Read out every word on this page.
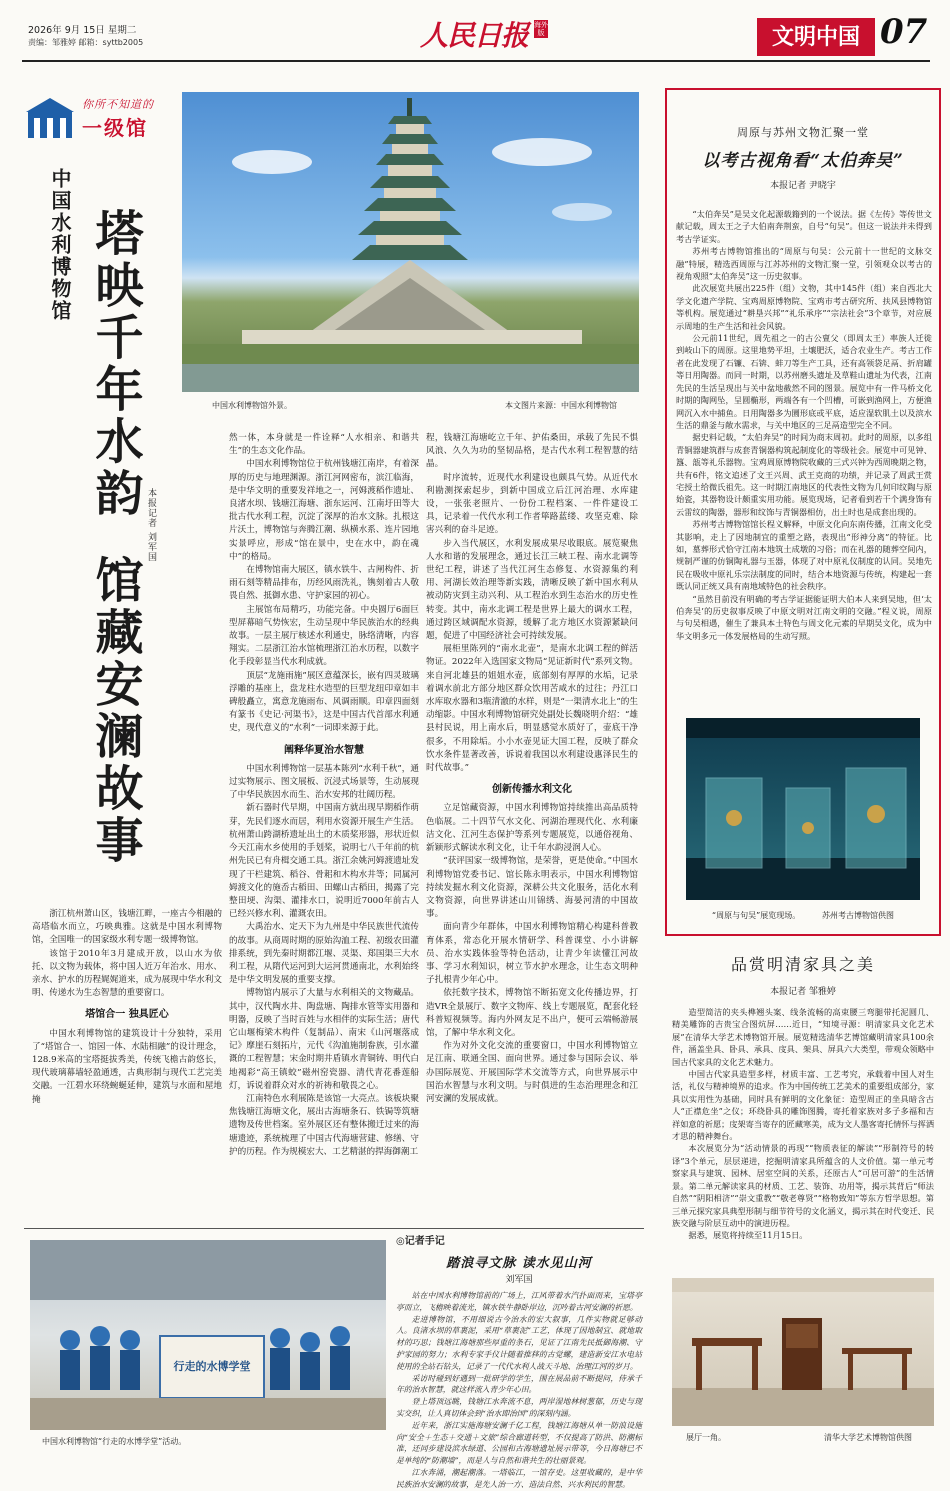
2026年 9月 15日 星期二
责编：邹雅婷 邮箱：syttb2005	人民日报 海外版	文明中国 07
你所不知道的
一级馆
中国水利博物馆 塔映千年水韵
馆藏安澜故事
本报记者 刘军国
中国水利博物馆外景。	本文图片来源：中国水利博物馆

浙江杭州萧山区，钱塘江畔，一座古今相融的高塔临水而立，巧映典雅。这就是中国水利博物馆，全国唯一的国家级水利专题一级博物馆。

该馆于2010年3月建成开放，以山水为依托、以文物为载体，将中国人近万年治水、用水、亲水、护水的历程娓娓道来，成为展现中华水利文明、传递水为生态智慧的重要窗口。

塔馆合一 独具匠心

中国水利博物馆的建筑设计十分独特，采用了“塔馆合一、馆园一体、水陆相融”的设计理念，128.9米高的宝塔挺拔秀美，传统飞檐古韵悠长，现代玻璃幕墙轻盈通透，古典形制与现代工艺完美交融。一江碧水环绕蜿蜒延伸，建筑与水面和屋地掩

然一体，本身就是一件诠释“人水相亲、和谐共生”的生态文化作品。

中国水利博物馆位于杭州钱塘江南岸，有着深厚的历史与地理渊源。浙江河网密布，滨江临海，是中华文明的重要发祥地之一，河姆渡稻作遗址、良渚水坝、钱塘江海塘、浙东运河、江南圩田等大批古代水利工程，沉淀了深厚的治水文脉。扎根这片沃土，博物馆与奔腾江潮、纵横水系、连片园地实景呼应，形成“馆在景中，史在水中，韵在魂中”的格局。

在博物馆南大展区，镇水铁牛、古闸构件、折雨石刻等精品排布，历经风雨洗礼，镌刻着古人敬畏自然、抵御水患、守护家园的初心。

主展馆布局精巧，功能完备。中央圆厅6面巨型屏幕暗气势恢宏，生动呈现中华民族治水的经典故事。一层主展厅核述水利通史，脉络清晰，内容翔实。二层浙江治水馆梳理浙江治水历程，以数字化手段彰显当代水利成就。

顶层“龙施雨施”展区意蕴深长，嵌有四灵玻璃浮雕的基座上，盘龙柱水造型的巨型龙纽印章如丰碑般矗立，寓意龙施雨布、风调雨顺。印章四面刻有篆书《史记·河渠书》，这是中国古代首部水利通史，现代意义的“水利”一词即来源于此。

阐释华夏治水智慧

中国水利博物馆一层基本陈列“水利千秋”，通过实物展示、图文展板、沉浸式场景等，生动展现了中华民族因水而生、治水安邦的壮阔历程。

新石器时代早期，中国南方就出现早期稻作萌芽，先民们逐水而居，利用水资源开展生产生活。杭州萧山跨湖桥遗址出土的木质桨形器，形状近似今天江南水乡使用的手划桨，说明七八千年前的杭州先民已有舟楫交通工具。浙江余姚河姆渡遗址发现了干栏建筑、稻谷、骨耜和木构水井等；同属河姆渡文化的施岙古稻田、田螺山古稻田，揭露了完整田埂、沟渠、灌排水口，说明近7000年前古人已经兴修水利、灌溉农田。

大禹治水、定天下为九州是中华民族世代流传的故事。从商周时期的原始沟洫工程、初级农田灌排系统，到先秦时期都江堰、灵渠、郑国渠三大水利工程，从隋代运河到大运河贯通南北，水利始终是中华文明发展的重要支撑。

博物馆内展示了大量与水利相关的文物藏品。其中，汉代陶水井、陶盘塘、陶排水管等实用器和明器，反映了当时百姓与水相伴的实际生活；唐代它山堰梅梁木构件（复制品）、南宋《山河堰落成记》摩崖石刻拓片，元代《沟洫施制畚族，引水灌溉的工程智慧；宋金时期井盾镇水青铜铸、明代白地褐彩“高王镇蛟”磁州窑瓷器、清代青花番莲船灯，诉说着群众对水的祈祷和敬畏之心。

江南特色水利展陈是该馆一大亮点。该板块聚焦钱塘江海塘文化，展出古海塘条石、铁锔等筑塘遗物及传世档案。室外展区还有整体搬迁过来的海塘遗迹，系统梳理了中国古代海塘营建、修缮、守护的历程。作为规模宏大、工艺精湛的捍海御潮工

程，钱塘江海塘屹立千年、护佑桑田，承载了先民不惧风浪、久久为功的坚韧品格，是古代水利工程智慧的结晶。

时序流转，近现代水利建设也颇具气势。从近代水利勘测探索起步，到新中国成立后江河治理、水库建设，一张张老照片、一份份工程档案、一件件建设工具，记录着一代代水利工作者筚路蓝缕、攻坚克难、除害兴利的奋斗足迹。

步入当代展区，水利发展成果尽收眼底。展览聚焦人水和谐的发展理念，通过长江三峡工程、南水北调等世纪工程，讲述了当代江河生态修复、水资源集约利用、河湖长效治理等新实践，清晰反映了新中国水利从被动防灾到主动兴利、从工程治水到生态治水的历史性转变。其中，南水北调工程是世界上最大的调水工程，通过跨区域调配水资源，缓解了北方地区水资源紧缺问题，促进了中国经济社会可持续发展。

展柜里陈列的“南水北壶”，是南水北调工程的鲜活物证。2022年入选国家文物局“见证新时代”系列文物。来自河北雄县的姐姐水壶，底部刻有厚厚的水垢，记录着调水前北方部分地区群众饮用苦咸水的过往；丹江口水库取水器和3瓶清澈的水样，则是“一渠清水北上”的生动缩影。中国水利博物馆研究处副处长魏晓明介绍：“雄县村民说，用上南水后，明显感觉水质好了，壶底干净很多，不用除垢。小小水壶见证大国工程，反映了群众饮水条件显著改善，诉说着我国以水利建设惠泽民生的时代故事。”

创新传播水利文化

立足馆藏资源，中国水利博物馆持续推出高品质特色临展。二十四节气水文化、河湖治理现代化、水利廉洁文化、江河生态保护等系列专题展览，以通俗视角、新颖形式解读水利文化，让千年水韵浸润人心。

“获评国家一级博物馆，是荣誉，更是使命。”中国水利博物馆党委书记、馆长陈永明表示，中国水利博物馆持续发掘水利文化资源，深耕公共文化服务，活化水利文物资源，向世界讲述山川锦绣、海晏河清的中国故事。

面向青少年群体，中国水利博物馆精心构建科普教育体系，常态化开展水情研学、科普课堂、小小讲解员、治水实践体验等特色活动，让青少年读懂江河故事、学习水利知识，树立节水护水理念，让生态文明种子扎根青少年心中。

依托数字技术，博物馆不断拓宽文化传播边界，打造VR全景展厅、数字文物库、线上专题展览，配套化轻科普短视频等。海内外网友足不出户，便可云端畅游展馆，了解中华水利文化。

作为对外文化交流的重要窗口，中国水利博物馆立足江南、联通全国、面向世界。通过参与国际会议、举办国际展览、开展国际学术交流等方式，向世界展示中国治水智慧与水利文明。与时俱进的生态治理理念和江河安澜的发展成就。

周原与苏州文物汇聚一堂
以考古视角看“太伯奔吴”
本报记者 尹晓宇

“太伯奔吴”是吴文化起源载籍到的一个说法。据《左传》等传世文献记载，周太王之子大伯南奔荆蛮，自号“句吴”。但这一说法并未得到考古学证实。

苏州考古博物馆推出的“周原与句吴：公元前十一世纪的文脉交融”特展，精选西周原与江苏苏州的文物汇聚一堂，引领观众以考古的视角观照“太伯奔吴”这一历史叙事。

此次展览共展出225件（组）文物，其中145件（组）来自西北大学文化遗产学院、宝鸡周原博物院、宝鸡市考古研究所、扶风县博物馆等机构。展览通过“耕垦兴邦”“礼乐承序”“宗法社会”3个章节，对应展示周地的生产生活和社会风貌。

公元前11世纪，周先祖之一的古公亶父（即周太王）率族人迁徙到岐山下的周原。这里地势平坦，土壤肥沃，适合农业生产。考古工作者在此发现了石镰、石锛、蚌刀等生产工具，还有高领袋足鬲、折肩罐等日用陶器。而同一时期，以苏州磨头遗址及草鞋山遗址为代表，江南先民的生活呈现出与关中盆地截然不同的图景。展览中有一件马桥文化时期的陶网坠，呈圆椭形，两端各有一个凹槽，可嵌到渔网上，方便渔网沉入水中捕鱼。日用陶器多为圜形底或平底，适应湿软肌土以及滨水生活的鼎釜与敞水需求，与关中地区的三足鬲造型完全不同。

据史料记载，“太伯奔吴”的时间为商末周初。此时的周原，以多组青铜器建筑群与成套青铜器构筑起制度化的等级社会。展览中可见钟、簋、瓿等礼乐器物。宝鸡周原博物院收藏的三式兴钟为西周晚期之物，共有6件，铭文追述了文王兴周、武王克商的功绩，并记录了周武王赏宅授土给微氏祖先。这一时期江南地区的代表性文物为几何印纹陶与原始瓷，其器物设计颇重实用功能。展览现场，记者看到若干个满身饰有云雷纹的陶器，器形和纹饰与青铜器相仿，出土时也是成套出现的。

苏州考古博物馆馆长程义解释，中原文化向东南传播，江南文化受其影响，走上了因地制宜的重塑之路，表现出“形神分离”的特征。比如，墓葬形式恰守江南本地筑土成墩的习俗；而在礼器的随葬空间内，规制严谨的仿铜陶礼器与玉器，体现了对中原礼仪制度的认同。吴地先民在吸收中原礼乐宗法制度的同时，结合本地资源与传统，构建起一套既认同正统又具有南地域特色的社会秩序。

“虽然目前没有明确的考古学证据能证明大伯本人来到吴地，但‘太伯奔吴’的历史叙事反映了中原文明对江南文明的交融。”程义说，周原与句吴相遇，催生了兼具本土特色与周文化元素的早期吴文化，成为中华文明多元一体发展格局的生动写照。

“周原与句吴”展览现场。	苏州考古博物馆供图
品赏明清家具之美
本报记者 邹雅婷

造型简洁的夹头榫翘头案、线条流畅的高束腰三弯腿带托泥圆几、精美雕饰的吉贵宝合图炕屏……近日，“知境寻源：明清家具文化艺术展”在清华大学艺术博物馆开展。展览精选清华艺博馆藏明清家具100余件，涵盖坐具、卧具、承具、庋具、架具、屏具六大类型，带观众领略中国古代家具的文化艺术魅力。

中国古代家具造型多样，材质丰富、工艺考究，承载着中国人对生活，礼仪与精神境界的追求。作为中国传统工艺美术的重要组成部分，家具以实用性为基础，同时具有鲜明的文化象征：造型周正的坐具暗含古人“正襟危坐”之仪；环绕卧具的雕饰图腾，寄托着家族对多子多福和吉祥如意的祈愿；庋架寄当寄存的匠藏寒美，成为文人墨客寄托情怀与挥洒才思的精神舞台。

本次展览分为“活动情景的再现”“物质表征的解读”“形制符号的转译”3个单元，层层递进，挖掘明清家具所蕴含的人文价值。第一单元考察家具与建筑、园林、居室空间的关系，还原古人“可居可游”的生活情景。第二单元解读家具的材质、工艺、装饰、功用等，揭示其背后“师法自然”“阴阳相济”“崇文重教”“敬老尊贤”“格物致知”等东方哲学思想。第三单元探究家具典型形制与细节符号的文化涵义，揭示其在时代变迁、民族交融与阶层互动中的演进历程。

据悉，展览将持续至11月15日。

展厅一角。	清华大学艺术博物馆供图
◎记者手记
踏浪寻文脉 读水见山河
刘军国

站在中国水利博物馆前的广场上，江风带着水汽扑面而来，宝塔亭亭而立，飞檐映着流光，镇水铁牛静卧岸边，沉吟着古河安澜的祈愿。

走进博物馆，不用细说古今治水的宏大叙事，几件实物就足够动人。良渚水坝的草裹泥，采用“草裹泥”工艺，体现了因地制宜、就地取材的巧思；钱塘江海塘那些厚重的条石，见证了江南先民抵御海潮、守护家园的努力；水利专家手仪计随着推移的古觉螺，建造新安江水电站使用的全站石钻头，记录了一代代水利人战天斗地、治理江河的岁月。

采访时碰到好遇到一批研学的学生，围在展品前不断提问，侍承千年的治水智慧，就这样流入青少年心田。

登上塔顶远眺，钱塘江水奔流不息，两岸湿地林树葱郁，历史与现实交织，让人真切体会到“治水即治国”的深刻内涵。

近年来，浙江实施海塘安澜千亿工程，钱塘江海塘从单一防浪设施向“安全＋生态＋交通＋文旅”综合廊道转型，不仅提高了防洪、防潮标准，还同步建设滨水绿道、公园和古海塘遗址展示带等，今日海塘已不是单纯的“防潮墙”，而是人与自然和谐共生的壮丽景观。

江水奔涌，潮起潮落。一塔临江，一馆存史。这里收藏的，是中华民族治水安澜的故事，是先人治一方、造法自然、兴水利民的智慧。

行走的水博学堂
中国水利博物馆“行走的水博学堂”活动。
